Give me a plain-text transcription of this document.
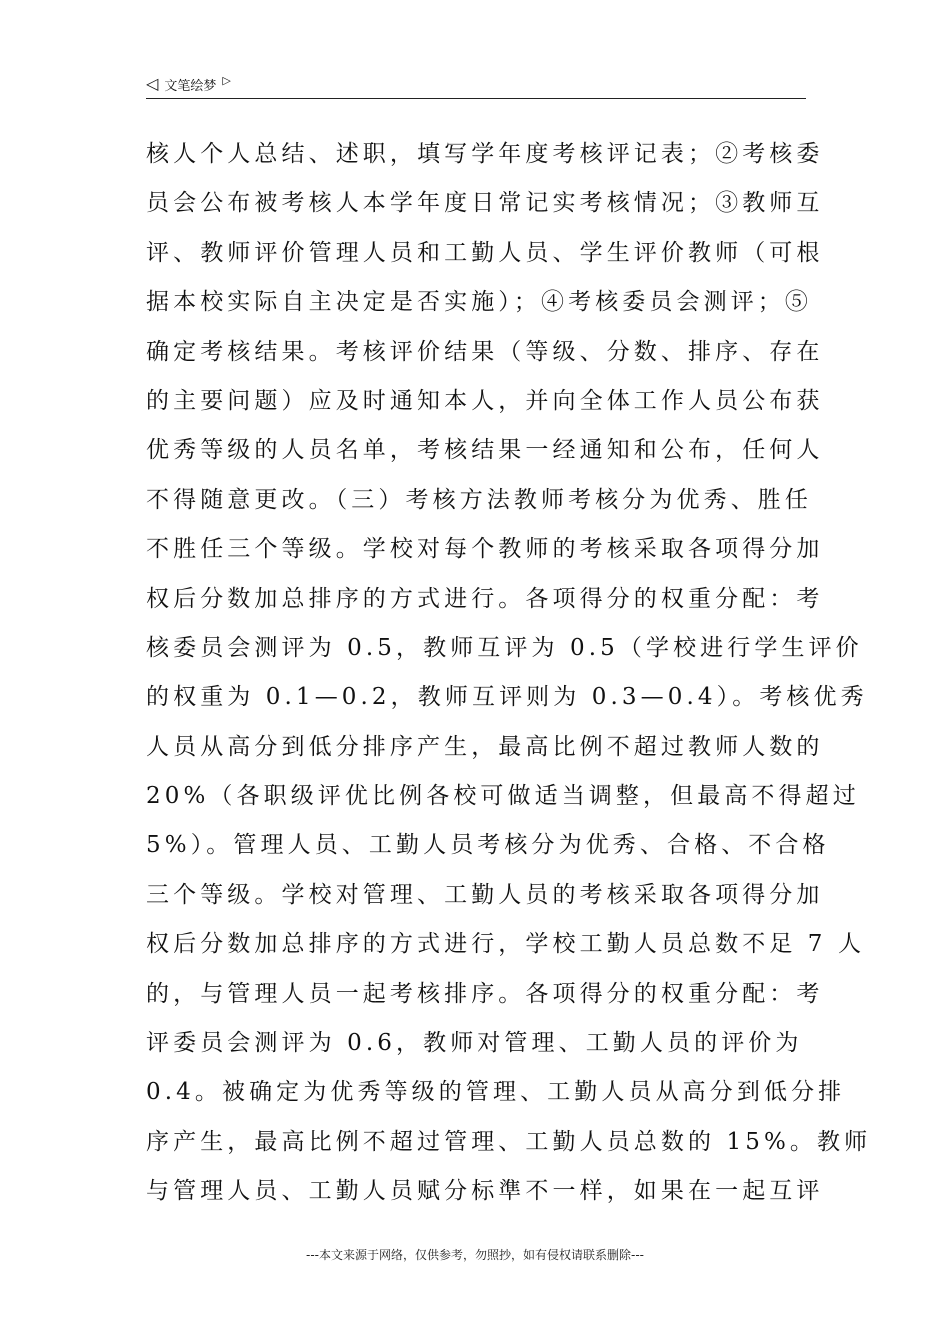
◁ 文笔绘梦 ▷
核人个人总结、述职，填写学年度考核评记表；②考核委
员会公布被考核人本学年度日常记实考核情况；③教师互
评、教师评价管理人员和工勤人员、学生评价教师（可根
据本校实际自主决定是否实施）；④考核委员会测评；⑤
确定考核结果。考核评价结果（等级、分数、排序、存在
的主要问题）应及时通知本人，并向全体工作人员公布获
优秀等级的人员名单，考核结果一经通知和公布，任何人
不得随意更改。（三）考核方法教师考核分为优秀、胜任
不胜任三个等级。学校对每个教师的考核采取各项得分加
权后分数加总排序的方式进行。各项得分的权重分配：考
核委员会测评为 0.5，教师互评为 0.5（学校进行学生评价
的权重为 0.1—0.2，教师互评则为 0.3—0.4）。考核优秀
人员从高分到低分排序产生，最高比例不超过教师人数的
20%（各职级评优比例各校可做适当调整，但最高不得超过
5%）。管理人员、工勤人员考核分为优秀、合格、不合格
三个等级。学校对管理、工勤人员的考核采取各项得分加
权后分数加总排序的方式进行，学校工勤人员总数不足 7 人
的，与管理人员一起考核排序。各项得分的权重分配：考
评委员会测评为 0.6，教师对管理、工勤人员的评价为
0.4。被确定为优秀等级的管理、工勤人员从高分到低分排
序产生，最高比例不超过管理、工勤人员总数的 15%。教师
与管理人员、工勤人员赋分标準不一样，如果在一起互评
---本文来源于网络，仅供参考，勿照抄，如有侵权请联系删除---
